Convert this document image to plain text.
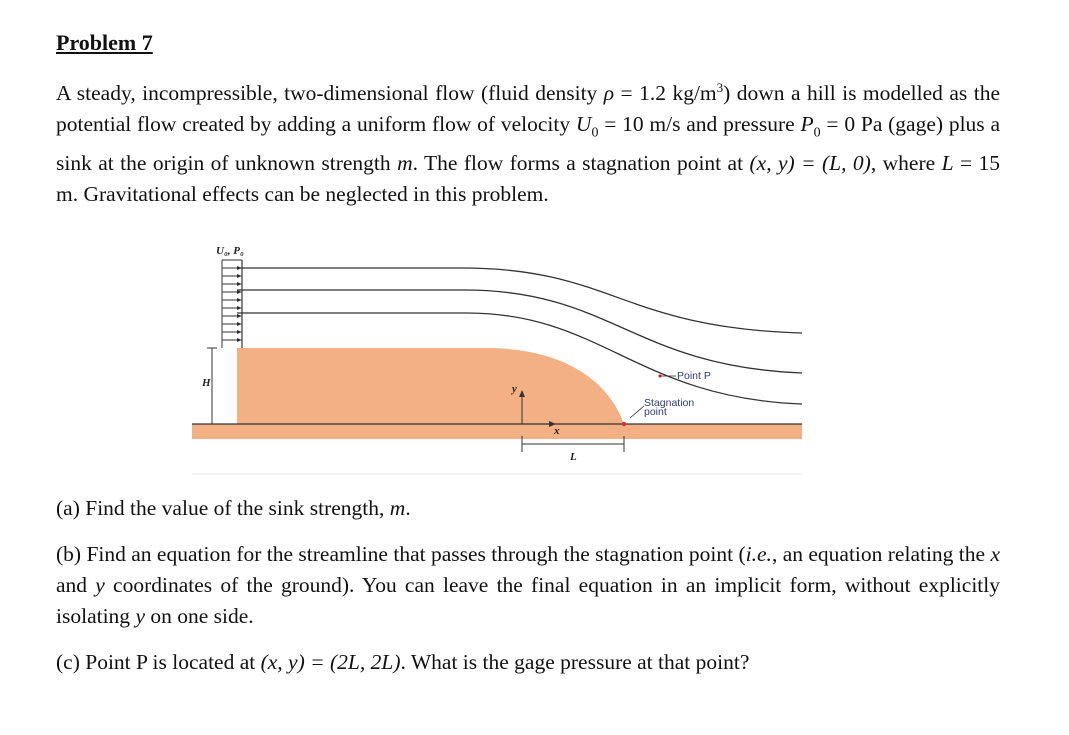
Problem 7

A steady, incompressible, two-dimensional flow (fluid density ρ = 1.2 $kg/m^3$) down a hill is modelled as the potential flow created by adding a uniform flow of velocity $U_0 = 10$ m/s and pressure $P_0 = 0$ Pa (gage) plus a sink at the origin of unknown strength m. The flow forms a stagnation point at (x, y) = (L, 0), where L = 15 m. Gravitational effects can be neglected in this problem.

U₀, P₀
H	y
x
L
Stagnation point
Point P

(a) Find the value of the sink strength, m.

(b) Find an equation for the streamline that passes through the stagnation point (i.e., an equation relating the x and y coordinates of the ground). You can leave the final equation in an implicit form, without explicitly isolating y on one side.

(c) Point P is located at (x, y) = (2L, 2L). What is the gage pressure at that point?
